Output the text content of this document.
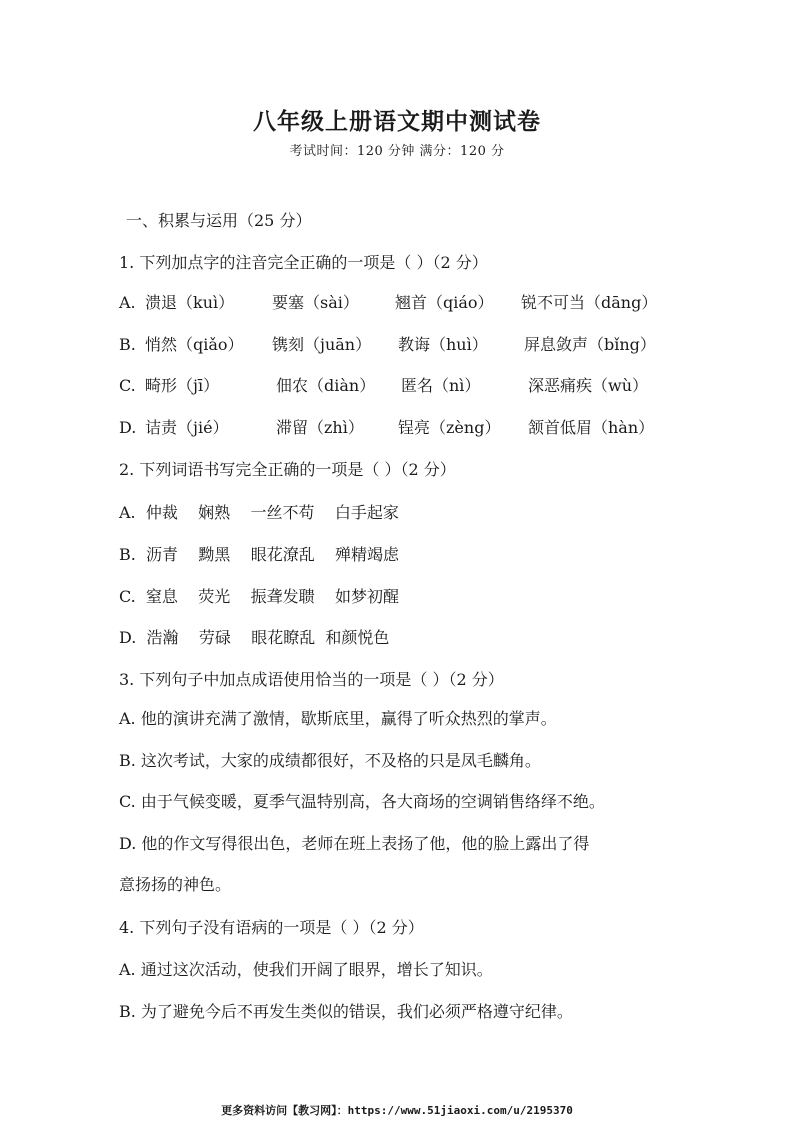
八年级上册语文期中测试卷
考试时间：120 分钟 满分：120 分
一、积累与运用（25 分）
1. 下列加点字的注音完全正确的一项是（ ）（2 分）
A. 溃退（kuì） 要塞（sài） 翘首（qiáo） 锐不可当（dāng）
B. 悄然（qiǎo） 镌刻（juān） 教诲（huì） 屏息敛声（bǐng）
C. 畸形（jī）	佃农（diàn） 匿名（nì）	深恶痛疾（wù）
D. 诘责（jié）	滞留（zhì） 锃亮（zèng） 颔首低眉（hàn）
2. 下列词语书写完全正确的一项是（ ）（2 分）
A.  仲裁    娴熟    一丝不苟    白手起家
B.  沥青    黝黑    眼花潦乱    殚精竭虑
C.  窒息    荧光    振聋发聩    如梦初醒
D.  浩瀚    劳碌    眼花瞭乱  和颜悦色
3. 下列句子中加点成语使用恰当的一项是（ ）（2 分）
A. 他的演讲充满了激情，歇斯底里，赢得了听众热烈的掌声。
B. 这次考试，大家的成绩都很好，不及格的只是凤毛麟角。
C. 由于气候变暖，夏季气温特别高，各大商场的空调销售络绎不绝。
D. 他的作文写得很出色，老师在班上表扬了他，他的脸上露出了得
意扬扬的神色。
4. 下列句子没有语病的一项是（ ）（2 分）
A. 通过这次活动，使我们开阔了眼界，增长了知识。
B. 为了避免今后不再发生类似的错误，我们必须严格遵守纪律。
更多资料访问【教习网】：https://www.51jiaoxi.com/u/2195370
